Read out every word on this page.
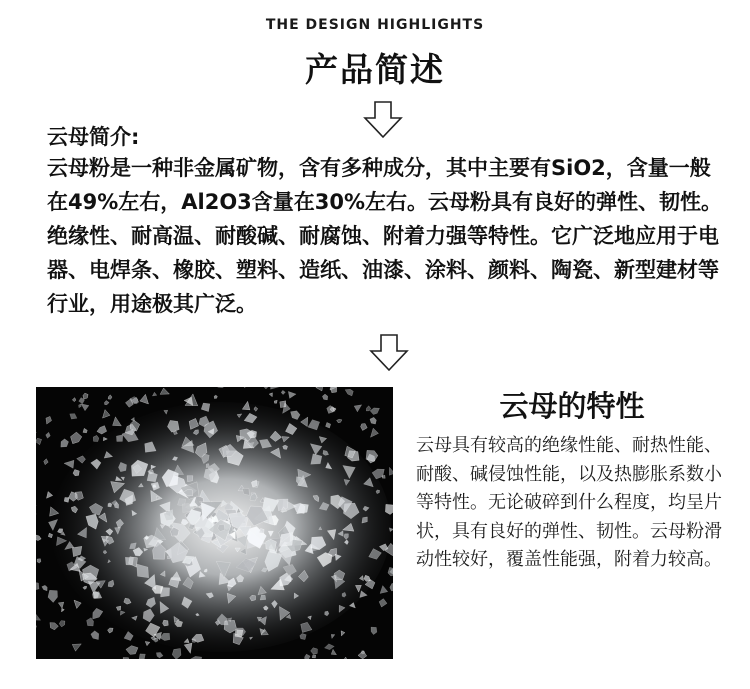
THE DESIGN HIGHLIGHTS
产品简述
云母简介:
云母粉是一种非金属矿物，含有多种成分，其中主要有SiO2，含量一般在49%左右，Al2O3含量在30%左右。云母粉具有良好的弹性、韧性。绝缘性、耐高温、耐酸碱、耐腐蚀、附着力强等特性。它广泛地应用于电器、电焊条、橡胶、塑料、造纸、油漆、涂料、颜料、陶瓷、新型建材等行业，用途极其广泛。
云母的特性
云母具有较高的绝缘性能、耐热性能、耐酸、碱侵蚀性能，以及热膨胀系数小等特性。无论破碎到什么程度，均呈片状，具有良好的弹性、韧性。云母粉滑动性较好，覆盖性能强，附着力较高。
